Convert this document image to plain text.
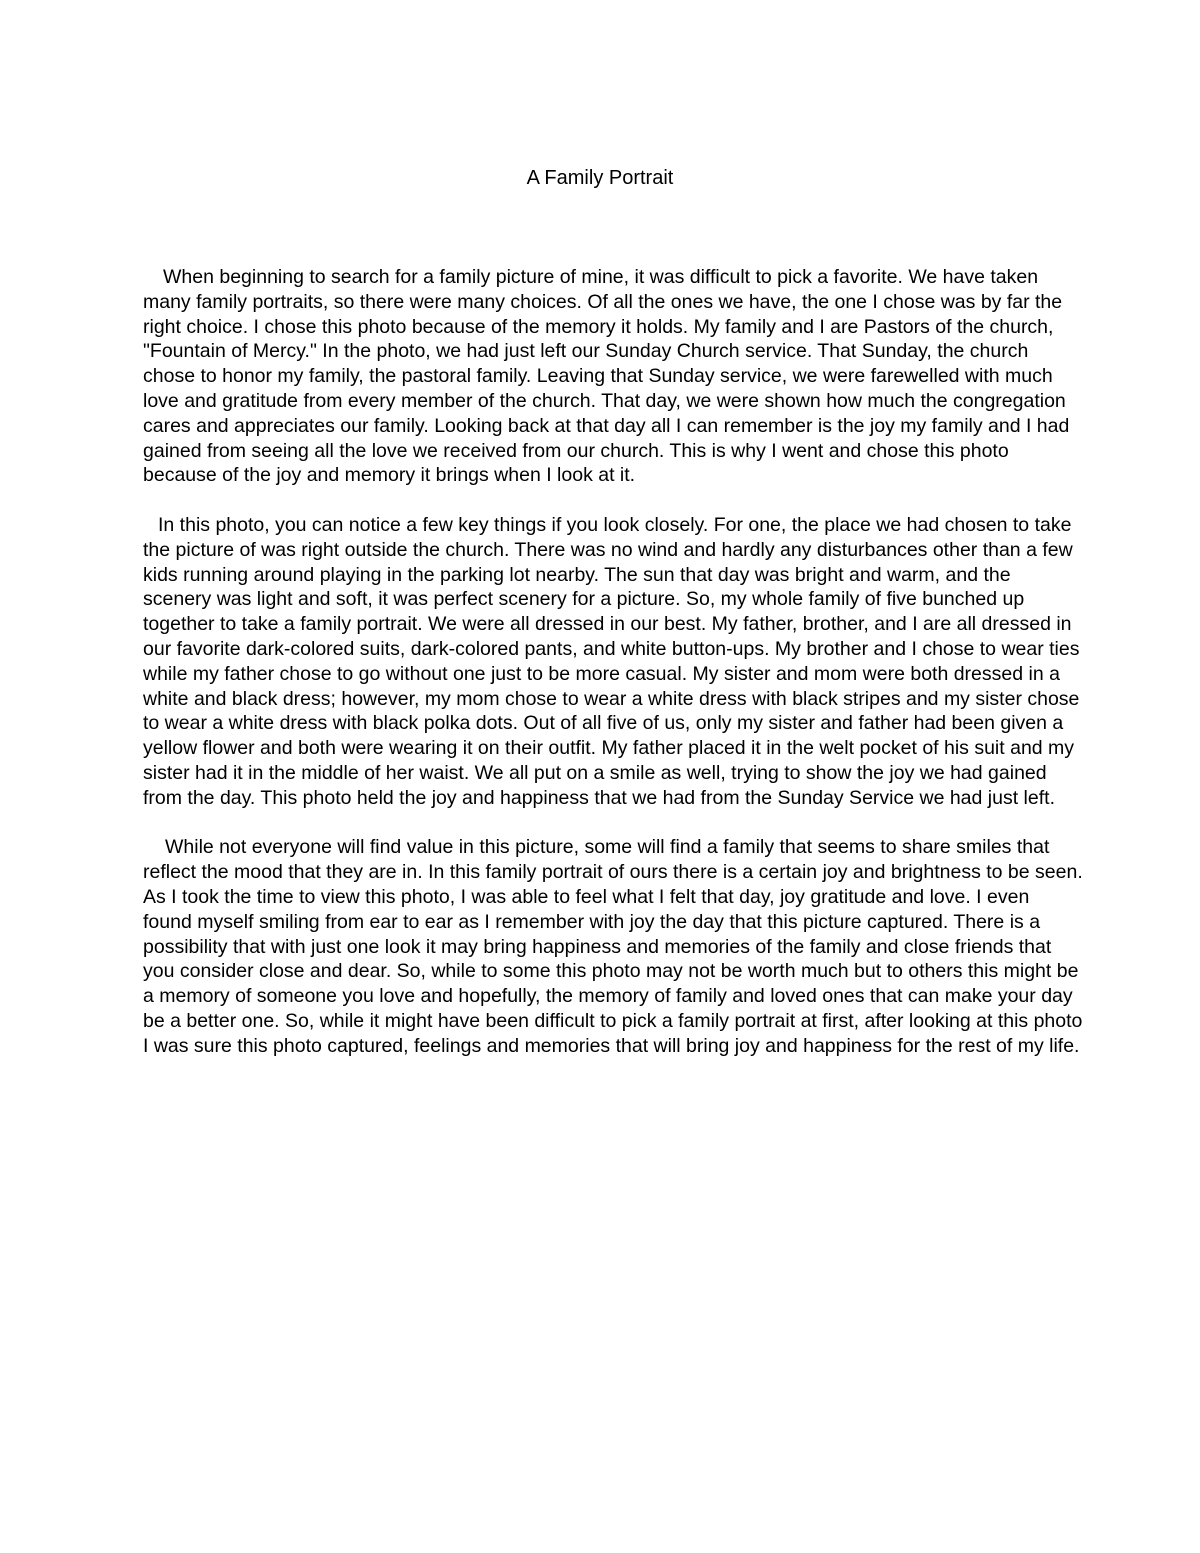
A Family Portrait

When beginning to search for a family picture of mine, it was difficult to pick a favorite. We have taken many family portraits, so there were many choices. Of all the ones we have, the one I chose was by far the right choice. I chose this photo because of the memory it holds. My family and I are Pastors of the church, "Fountain of Mercy." In the photo, we had just left our Sunday Church service. That Sunday, the church chose to honor my family, the pastoral family. Leaving that Sunday service, we were farewelled with much love and gratitude from every member of the church. That day, we were shown how much the congregation cares and appreciates our family. Looking back at that day all I can remember is the joy my family and I had gained from seeing all the love we received from our church. This is why I went and chose this photo because of the joy and memory it brings when I look at it.

In this photo, you can notice a few key things if you look closely. For one, the place we had chosen to take the picture of was right outside the church. There was no wind and hardly any disturbances other than a few kids running around playing in the parking lot nearby. The sun that day was bright and warm, and the scenery was light and soft, it was perfect scenery for a picture. So, my whole family of five bunched up together to take a family portrait. We were all dressed in our best. My father, brother, and I are all dressed in our favorite dark-colored suits, dark-colored pants, and white button-ups. My brother and I chose to wear ties while my father chose to go without one just to be more casual. My sister and mom were both dressed in a white and black dress; however, my mom chose to wear a white dress with black stripes and my sister chose to wear a white dress with black polka dots. Out of all five of us, only my sister and father had been given a yellow flower and both were wearing it on their outfit. My father placed it in the welt pocket of his suit and my sister had it in the middle of her waist. We all put on a smile as well, trying to show the joy we had gained from the day. This photo held the joy and happiness that we had from the Sunday Service we had just left.

While not everyone will find value in this picture, some will find a family that seems to share smiles that reflect the mood that they are in. In this family portrait of ours there is a certain joy and brightness to be seen. As I took the time to view this photo, I was able to feel what I felt that day, joy gratitude and love. I even found myself smiling from ear to ear as I remember with joy the day that this picture captured. There is a possibility that with just one look it may bring happiness and memories of the family and close friends that you consider close and dear. So, while to some this photo may not be worth much but to others this might be a memory of someone you love and hopefully, the memory of family and loved ones that can make your day be a better one. So, while it might have been difficult to pick a family portrait at first, after looking at this photo I was sure this photo captured, feelings and memories that will bring joy and happiness for the rest of my life.
